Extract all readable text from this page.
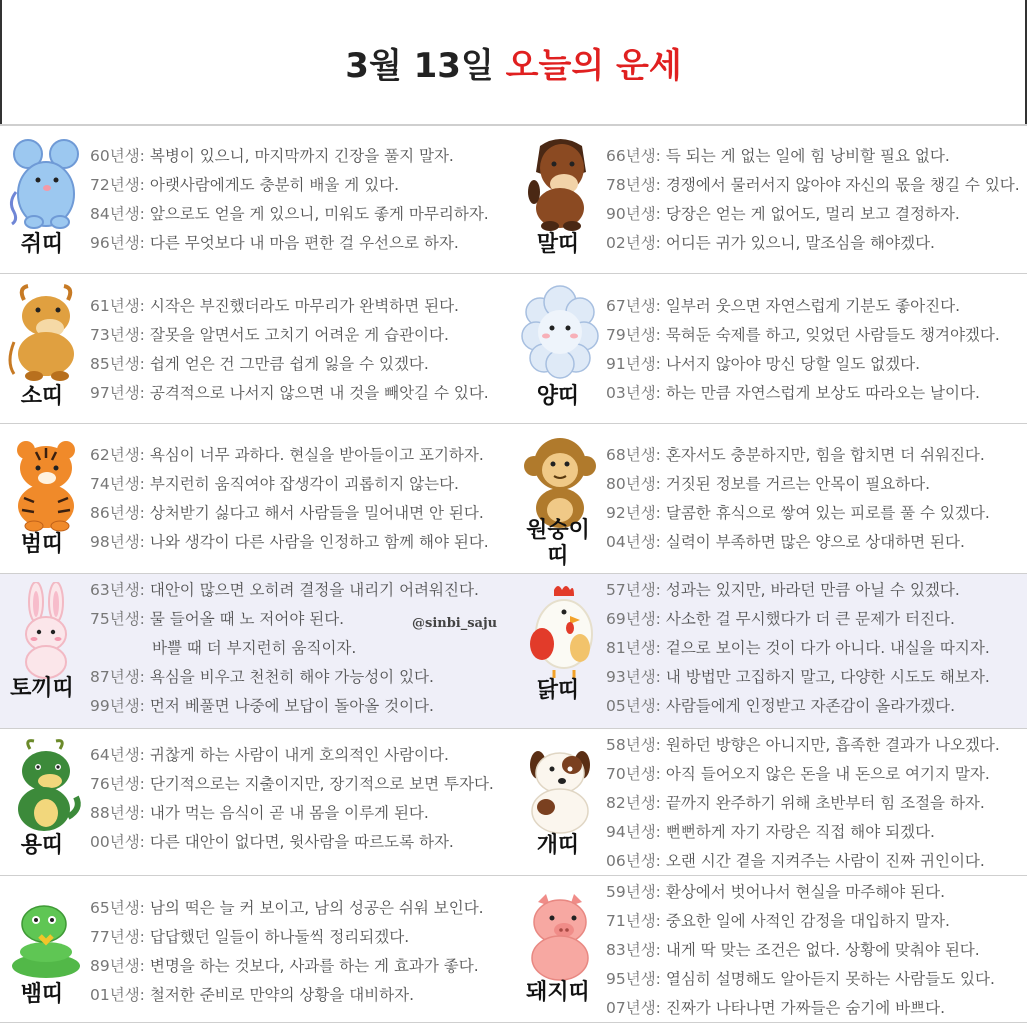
3월 13일 오늘의 운세
쥐띠
60년생: 복병이 있으니, 마지막까지 긴장을 풀지 말자.
72년생: 아랫사람에게도 충분히 배울 게 있다.
84년생: 앞으로도 얻을 게 있으니, 미워도 좋게 마무리하자.
96년생: 다른 무엇보다 내 마음 편한 걸 우선으로 하자.	말띠
66년생: 득 되는 게 없는 일에 힘 낭비할 필요 없다.
78년생: 경쟁에서 물러서지 않아야 자신의 몫을 챙길 수 있다.
90년생: 당장은 얻는 게 없어도, 멀리 보고 결정하자.
02년생: 어디든 귀가 있으니, 말조심을 해야겠다.
소띠
61년생: 시작은 부진했더라도 마무리가 완벽하면 된다.
73년생: 잘못을 알면서도 고치기 어려운 게 습관이다.
85년생: 쉽게 얻은 건 그만큼 쉽게 잃을 수 있겠다.
97년생: 공격적으로 나서지 않으면 내 것을 빼앗길 수 있다.	양띠
67년생: 일부러 웃으면 자연스럽게 기분도 좋아진다.
79년생: 묵혀둔 숙제를 하고, 잊었던 사람들도 챙겨야겠다.
91년생: 나서지 않아야 망신 당할 일도 없겠다.
03년생: 하는 만큼 자연스럽게 보상도 따라오는 날이다.
범띠
62년생: 욕심이 너무 과하다. 현실을 받아들이고 포기하자.
74년생: 부지런히 움직여야 잡생각이 괴롭히지 않는다.
86년생: 상처받기 싫다고 해서 사람들을 밀어내면 안 된다.
98년생: 나와 생각이 다른 사람을 인정하고 함께 해야 된다.	원숭이
띠
68년생: 혼자서도 충분하지만, 힘을 합치면 더 쉬워진다.
80년생: 거짓된 정보를 거르는 안목이 필요하다.
92년생: 달콤한 휴식으로 쌓여 있는 피로를 풀 수 있겠다.
04년생: 실력이 부족하면 많은 양으로 상대하면 된다.
토끼띠
63년생: 대안이 많으면 오히려 결정을 내리기 어려워진다.
75년생: 물 들어올 때 노 저어야 된다.
바쁠 때 더 부지런히 움직이자.
87년생: 욕심을 비우고 천천히 해야 가능성이 있다.
99년생: 먼저 베풀면 나중에 보답이 돌아올 것이다.
닭띠
57년생: 성과는 있지만, 바라던 만큼 아닐 수 있겠다.
69년생: 사소한 걸 무시했다가 더 큰 문제가 터진다.
81년생: 겉으로 보이는 것이 다가 아니다. 내실을 따지자.
93년생: 내 방법만 고집하지 말고, 다양한 시도도 해보자.
05년생: 사람들에게 인정받고 자존감이 올라가겠다.
용띠
64년생: 귀찮게 하는 사람이 내게 호의적인 사람이다.
76년생: 단기적으로는 지출이지만, 장기적으로 보면 투자다.
88년생: 내가 먹는 음식이 곧 내 몸을 이루게 된다.
00년생: 다른 대안이 없다면, 윗사람을 따르도록 하자.	개띠
58년생: 원하던 방향은 아니지만, 흡족한 결과가 나오겠다.
70년생: 아직 들어오지 않은 돈을 내 돈으로 여기지 말자.
82년생: 끝까지 완주하기 위해 초반부터 힘 조절을 하자.
94년생: 뻔뻔하게 자기 자랑은 직접 해야 되겠다.
06년생: 오랜 시간 곁을 지켜주는 사람이 진짜 귀인이다.
뱀띠
65년생: 남의 떡은 늘 커 보이고, 남의 성공은 쉬워 보인다.
77년생: 답답했던 일들이 하나둘씩 정리되겠다.
89년생: 변명을 하는 것보다, 사과를 하는 게 효과가 좋다.
01년생: 철저한 준비로 만약의 상황을 대비하자.	돼지띠
59년생: 환상에서 벗어나서 현실을 마주해야 된다.
71년생: 중요한 일에 사적인 감정을 대입하지 말자.
83년생: 내게 딱 맞는 조건은 없다. 상황에 맞춰야 된다.
95년생: 열심히 설명해도 알아듣지 못하는 사람들도 있다.
07년생: 진짜가 나타나면 가짜들은 숨기에 바쁘다.
@sinbi_saju
